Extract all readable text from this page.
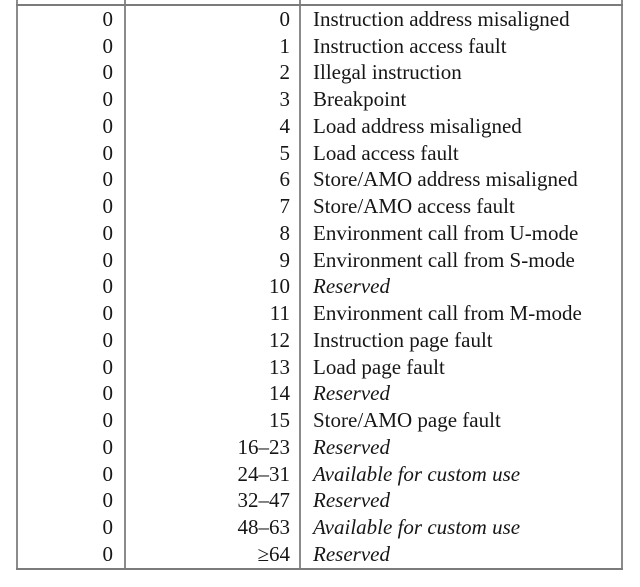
0	0	Instruction address misaligned
0	1	Instruction access fault
0	2	Illegal instruction
0	3	Breakpoint
0	4	Load address misaligned
0	5	Load access fault
0	6	Store/AMO address misaligned
0	7	Store/AMO access fault
0	8	Environment call from U-mode
0	9	Environment call from S-mode
0	10	Reserved
0	11	Environment call from M-mode
0	12	Instruction page fault
0	13	Load page fault
0	14	Reserved
0	15	Store/AMO page fault
0	16–23	Reserved
0	24–31	Available for custom use
0	32–47	Reserved
0	48–63	Available for custom use
0	≥64	Reserved
